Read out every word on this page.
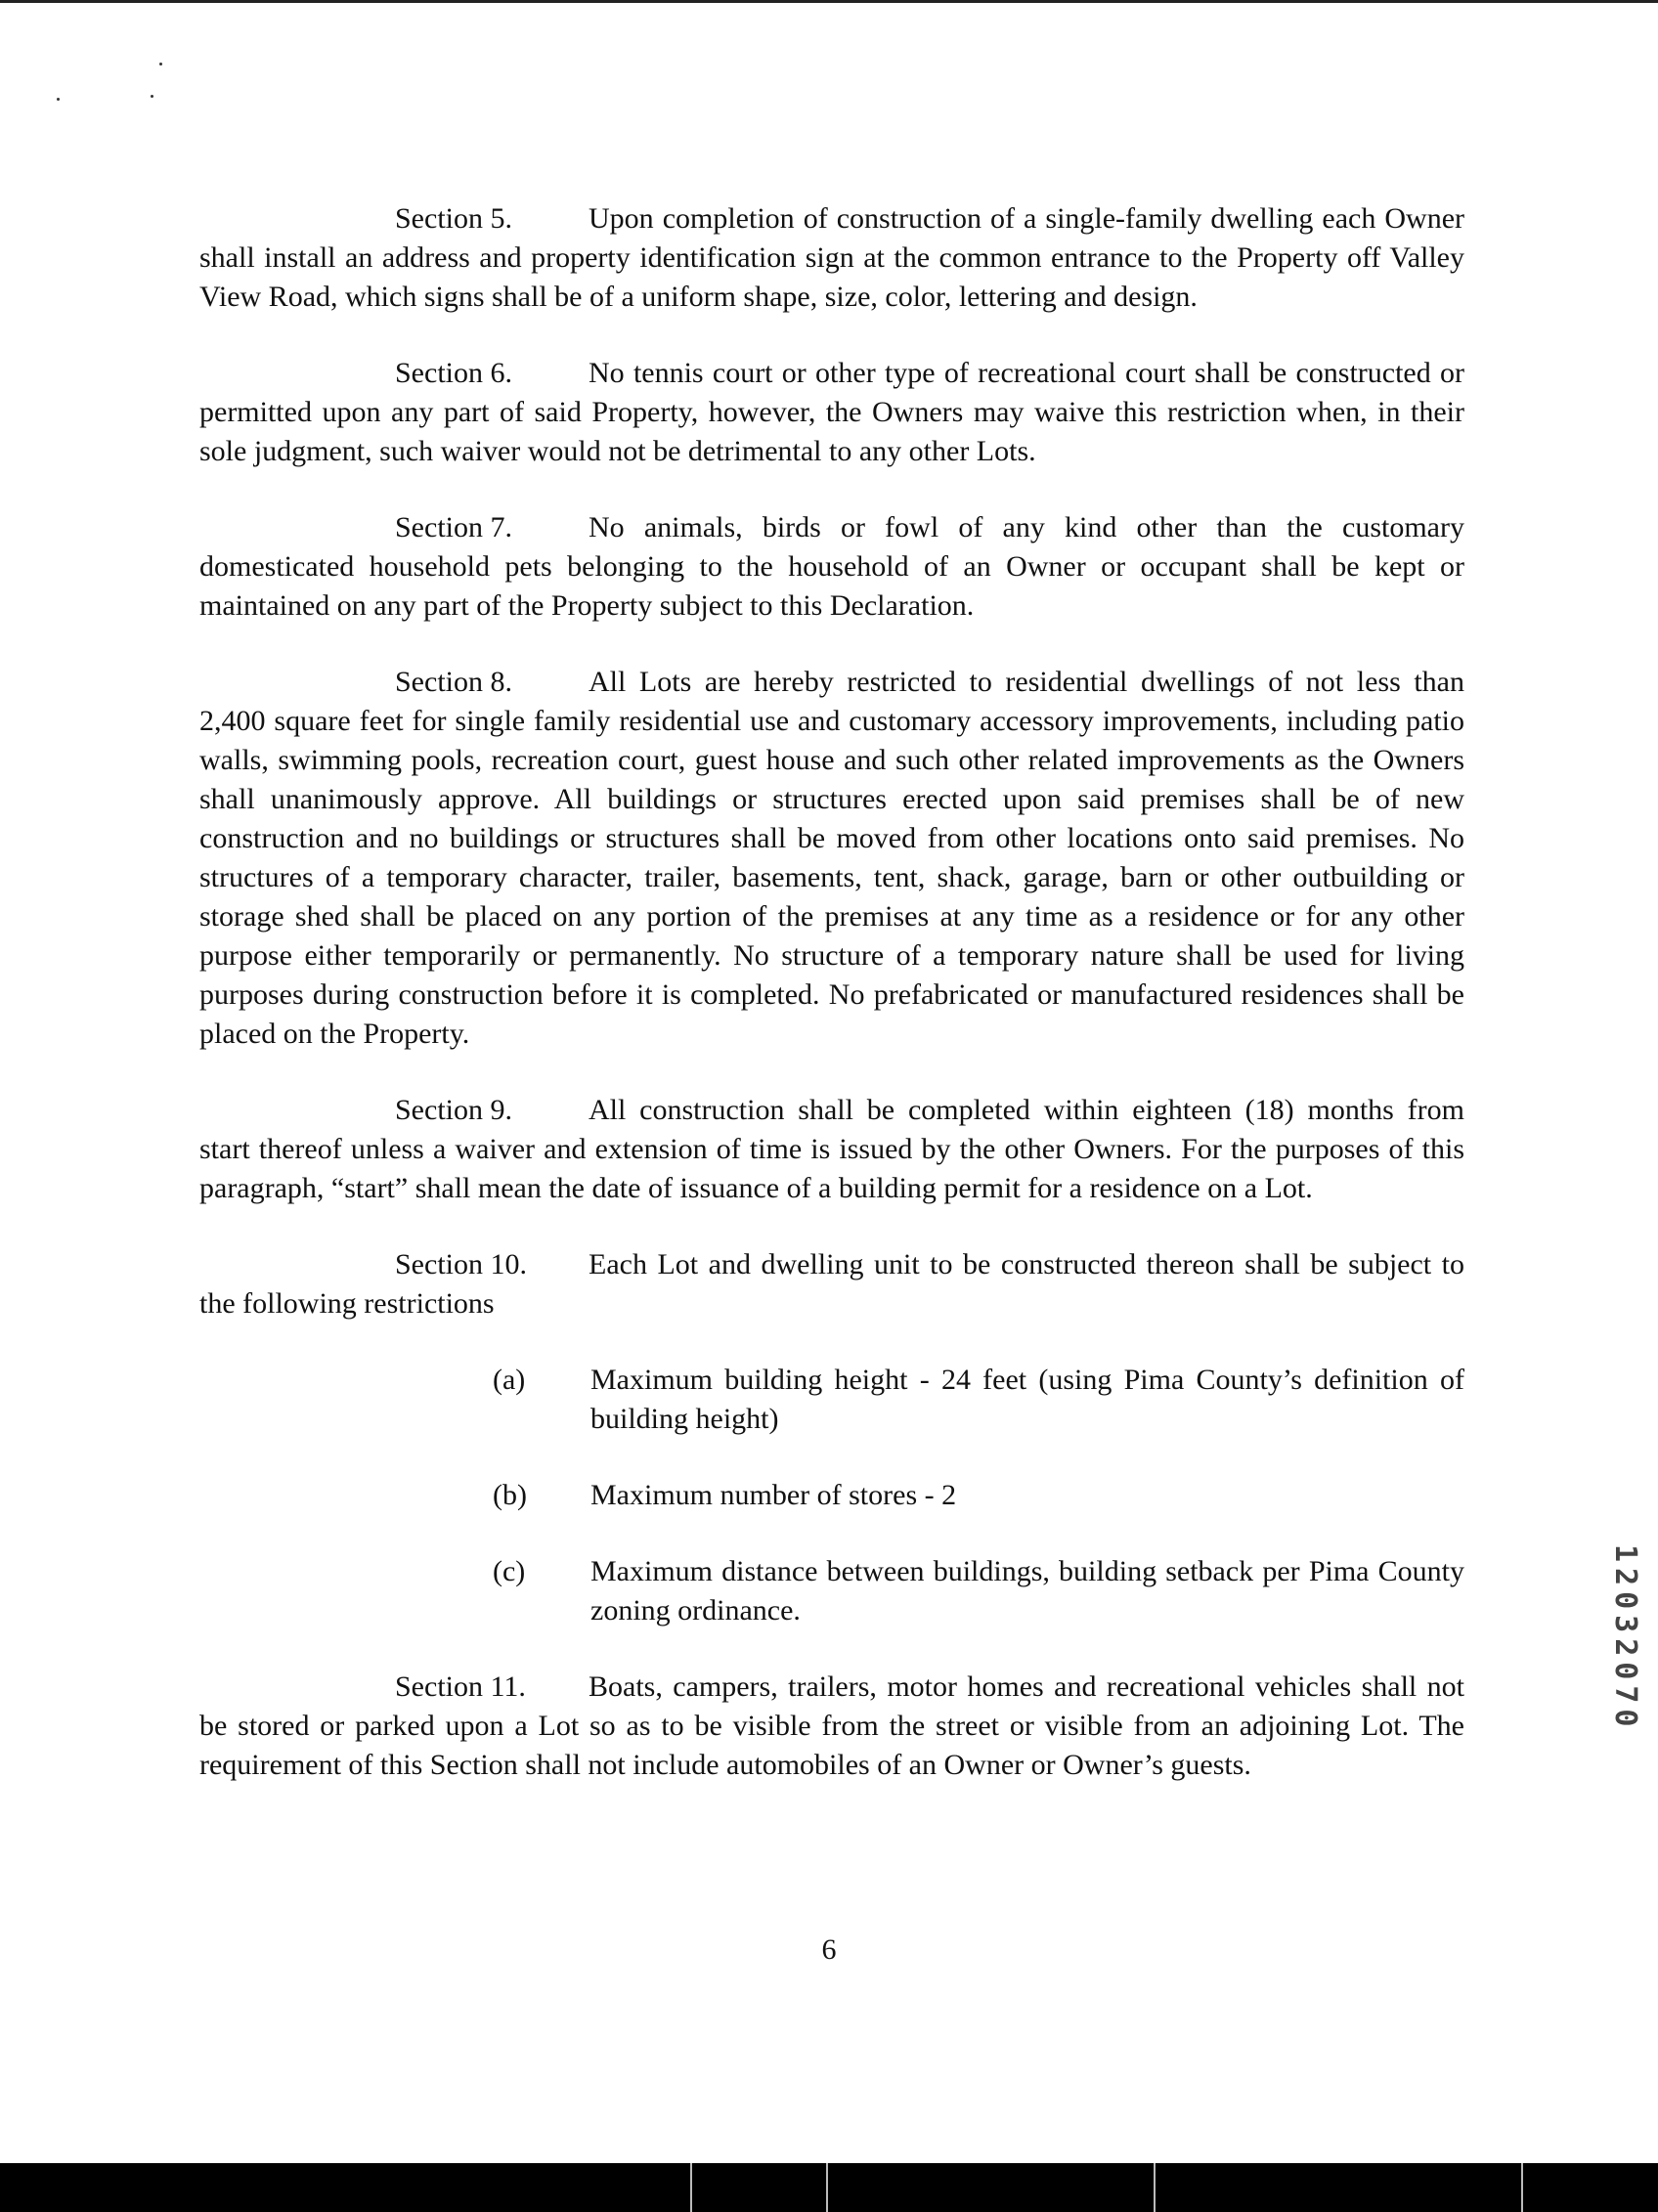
Section 5.	Upon completion of construction of a single-family dwelling each Owner shall install an address and property identification sign at the common entrance to the Property off Valley View Road, which signs shall be of a uniform shape, size, color, lettering and design.

Section 6.	No tennis court or other type of recreational court shall be constructed or permitted upon any part of said Property, however, the Owners may waive this restriction when, in their sole judgment, such waiver would not be detrimental to any other Lots.

Section 7.	No animals, birds or fowl of any kind other than the customary domesticated household pets belonging to the household of an Owner or occupant shall be kept or maintained on any part of the Property subject to this Declaration.

Section 8.	All Lots are hereby restricted to residential dwellings of not less than 2,400 square feet for single family residential use and customary accessory improvements, including patio walls, swimming pools, recreation court, guest house and such other related improvements as the Owners shall unanimously approve. All buildings or structures erected upon said premises shall be of new construction and no buildings or structures shall be moved from other locations onto said premises. No structures of a temporary character, trailer, basements, tent, shack, garage, barn or other outbuilding or storage shed shall be placed on any portion of the premises at any time as a residence or for any other purpose either temporarily or permanently. No structure of a temporary nature shall be used for living purposes during construction before it is completed. No prefabricated or manufactured residences shall be placed on the Property.

Section 9.	All construction shall be completed within eighteen (18) months from start thereof unless a waiver and extension of time is issued by the other Owners. For the purposes of this paragraph, “start” shall mean the date of issuance of a building permit for a residence on a Lot.

Section 10. Each Lot and dwelling unit to be constructed thereon shall be subject to the following restrictions

(a)	Maximum building height - 24 feet (using Pima County’s definition of building height)
(b)	Maximum number of stores - 2
(c)	Maximum distance between buildings, building setback per Pima County zoning ordinance.

Section 11. Boats, campers, trailers, motor homes and recreational vehicles shall not be stored or parked upon a Lot so as to be visible from the street or visible from an adjoining Lot. The requirement of this Section shall not include automobiles of an Owner or Owner’s guests.

6
12032070
